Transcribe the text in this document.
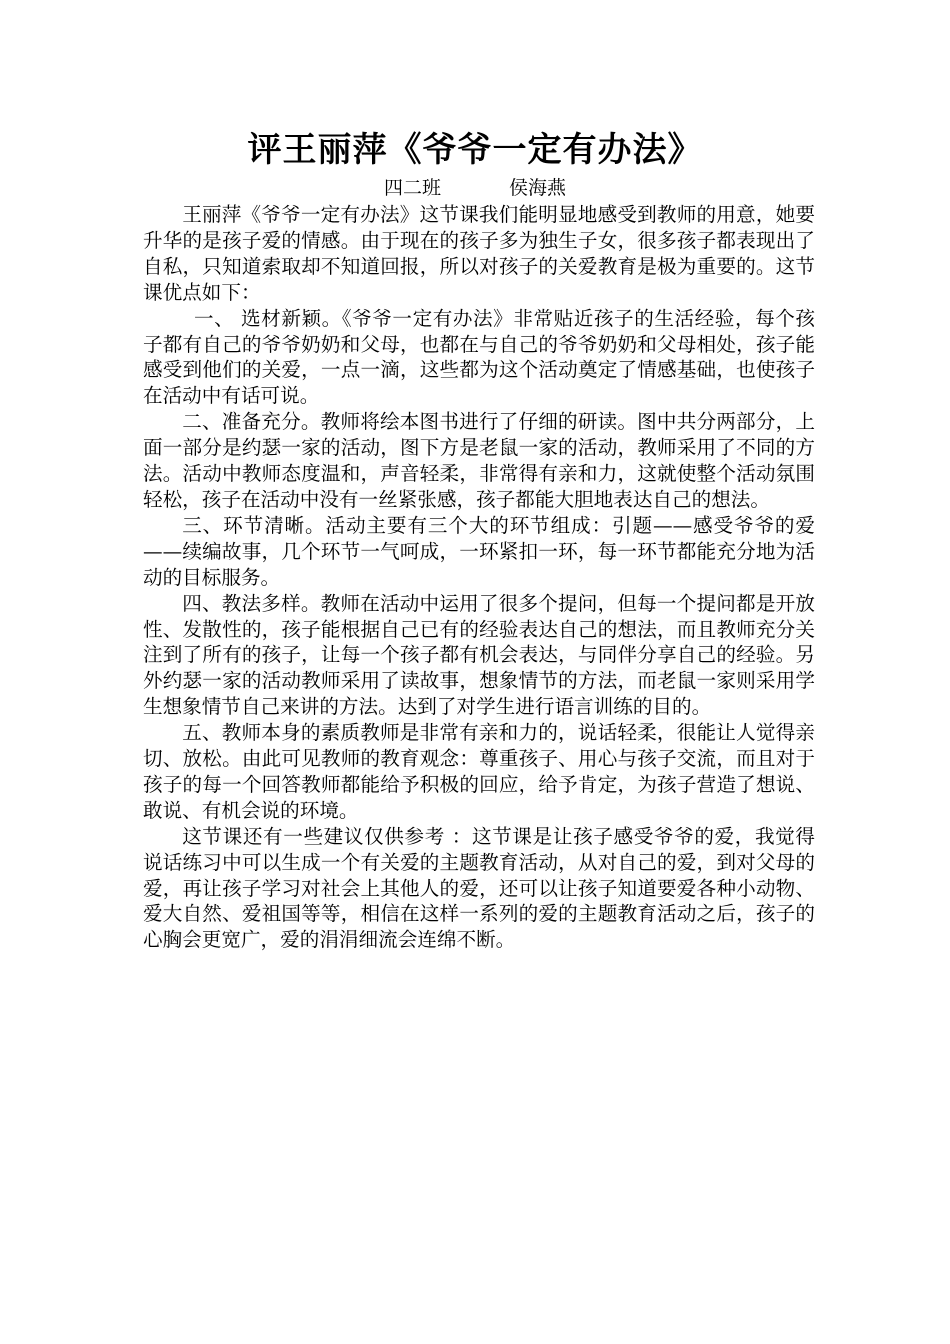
评王丽萍《爷爷一定有办法》
四二班	侯海燕

王丽萍《爷爷一定有办法》这节课我们能明显地感受到教师的用意，她要升华的是孩子爱的情感。由于现在的孩子多为独生子女，很多孩子都表现出了自私，只知道索取却不知道回报，所以对孩子的关爱教育是极为重要的。这节课优点如下：

一、 选材新颖。《爷爷一定有办法》非常贴近孩子的生活经验，每个孩子都有自己的爷爷奶奶和父母，也都在与自己的爷爷奶奶和父母相处，孩子能感受到他们的关爱，一点一滴，这些都为这个活动奠定了情感基础，也使孩子在活动中有话可说。

二、准备充分。教师将绘本图书进行了仔细的研读。图中共分两部分，上面一部分是约瑟一家的活动，图下方是老鼠一家的活动，教师采用了不同的方法。活动中教师态度温和，声音轻柔，非常得有亲和力，这就使整个活动氛围轻松，孩子在活动中没有一丝紧张感，孩子都能大胆地表达自己的想法。

三、环节清晰。活动主要有三个大的环节组成：引题——感受爷爷的爱——续编故事，几个环节一气呵成，一环紧扣一环，每一环节都能充分地为活动的目标服务。

四、教法多样。教师在活动中运用了很多个提问，但每一个提问都是开放性、发散性的，孩子能根据自己已有的经验表达自己的想法，而且教师充分关注到了所有的孩子，让每一个孩子都有机会表达，与同伴分享自己的经验。另外约瑟一家的活动教师采用了读故事，想象情节的方法，而老鼠一家则采用学生想象情节自己来讲的方法。达到了对学生进行语言训练的目的。

五、教师本身的素质教师是非常有亲和力的，说话轻柔，很能让人觉得亲切、放松。由此可见教师的教育观念：尊重孩子、用心与孩子交流，而且对于孩子的每一个回答教师都能给予积极的回应，给予肯定，为孩子营造了想说、敢说、有机会说的环境。

这节课还有一些建议仅供参考 ：这节课是让孩子感受爷爷的爱，我觉得说话练习中可以生成一个有关爱的主题教育活动，从对自己的爱，到对父母的爱，再让孩子学习对社会上其他人的爱，还可以让孩子知道要爱各种小动物、爱大自然、爱祖国等等，相信在这样一系列的爱的主题教育活动之后，孩子的心胸会更宽广，爱的涓涓细流会连绵不断。
